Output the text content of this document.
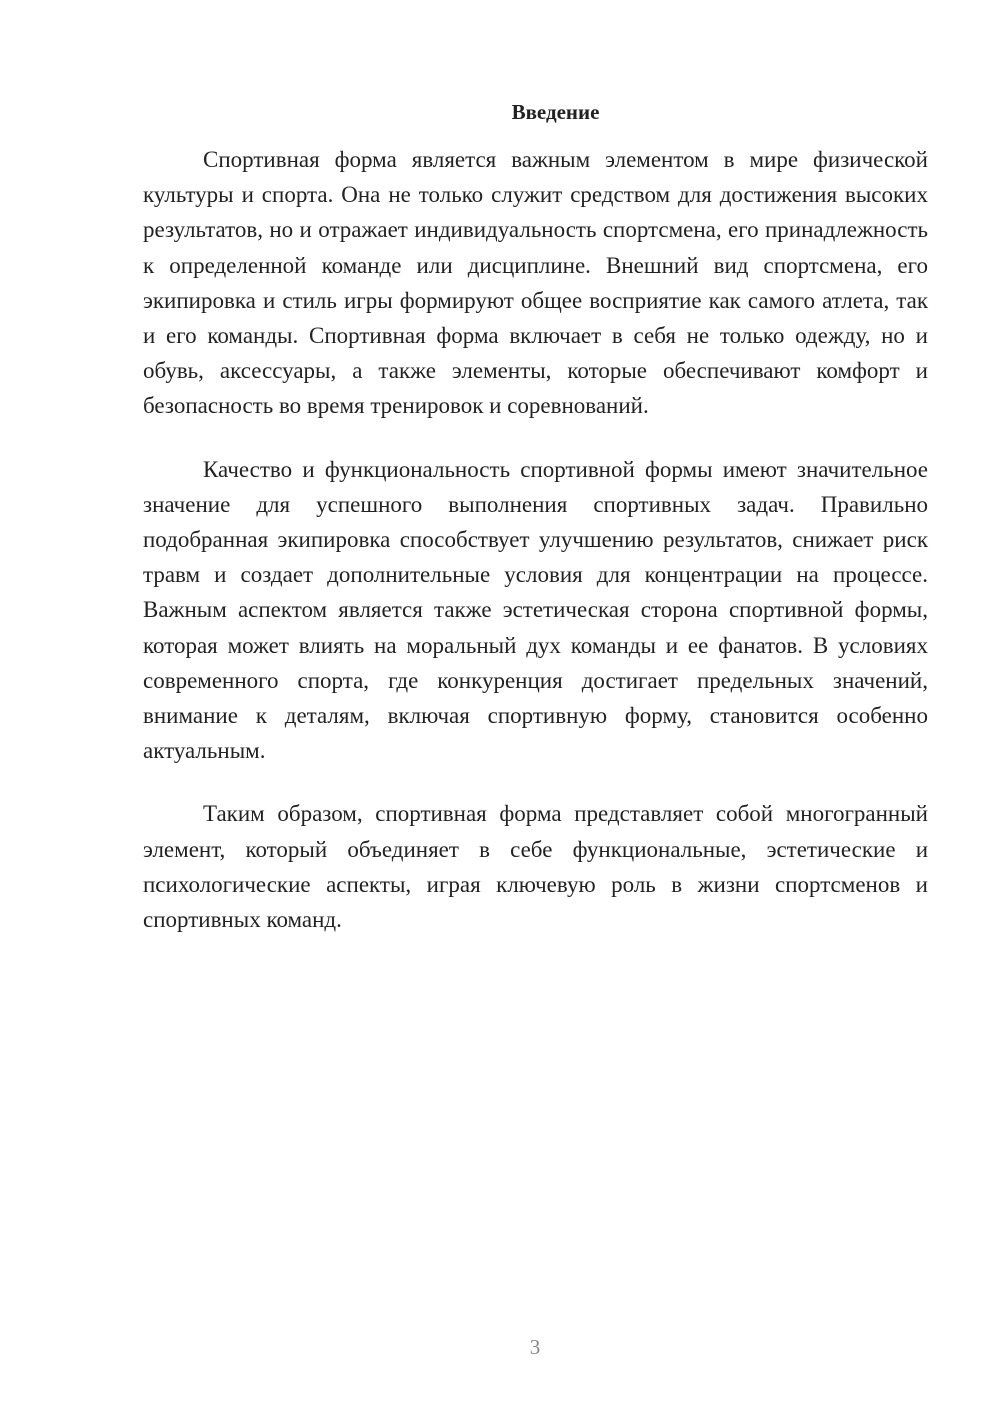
Введение

Спортивная форма является важным элементом в мире физической культуры и спорта. Она не только служит средством для достижения высоких результатов, но и отражает индивидуальность спортсмена, его принадлежность к определенной команде или дисциплине. Внешний вид спортсмена, его экипировка и стиль игры формируют общее восприятие как самого атлета, так и его команды. Спортивная форма включает в себя не только одежду, но и обувь, аксессуары, а также элементы, которые обеспечивают комфорт и безопасность во время тренировок и соревнований.

Качество и функциональность спортивной формы имеют значительное значение для успешного выполнения спортивных задач. Правильно подобранная экипировка способствует улучшению результатов, снижает риск травм и создает дополнительные условия для концентрации на процессе. Важным аспектом является также эстетическая сторона спортивной формы, которая может влиять на моральный дух команды и ее фанатов. В условиях современного спорта, где конкуренция достигает предельных значений, внимание к деталям, включая спортивную форму, становится особенно актуальным.

Таким образом, спортивная форма представляет собой многогранный элемент, который объединяет в себе функциональные, эстетические и психологические аспекты, играя ключевую роль в жизни спортсменов и спортивных команд.

3
